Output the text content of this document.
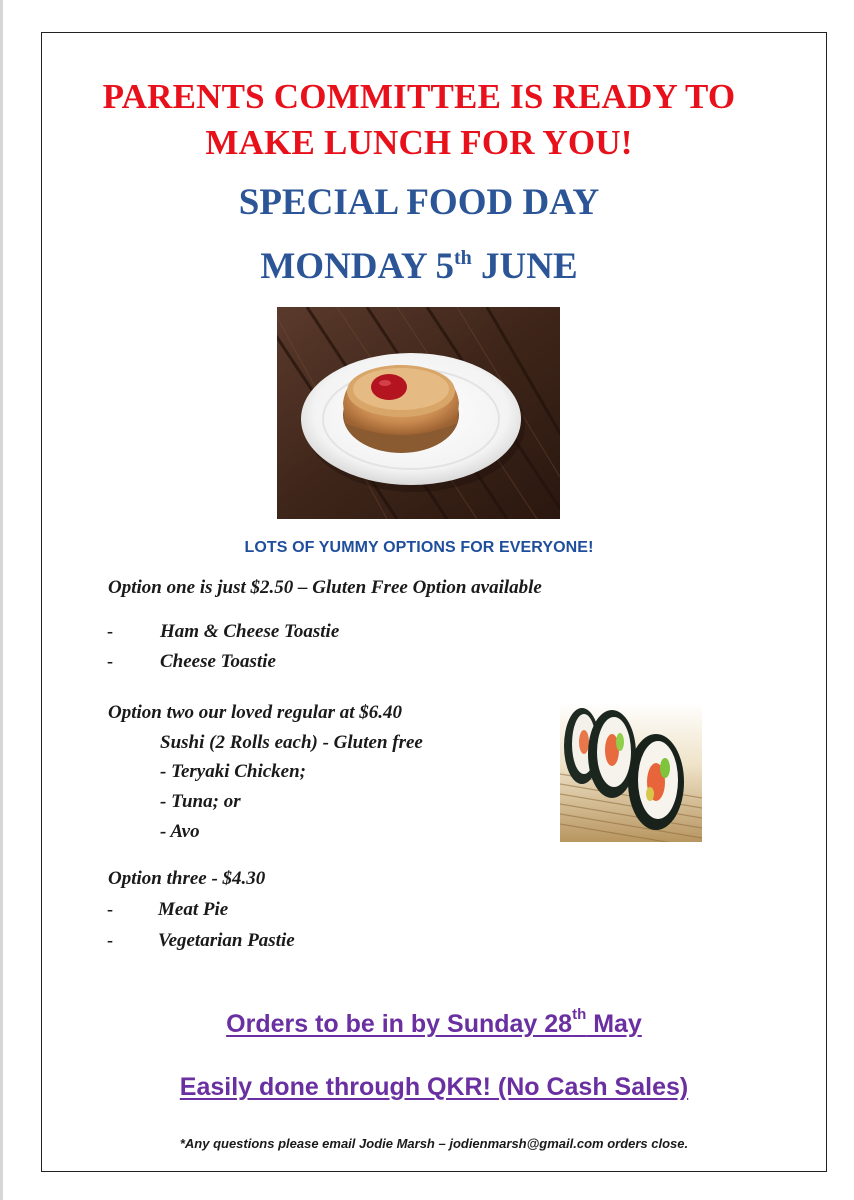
PARENTS COMMITTEE IS READY TO
MAKE LUNCH FOR YOU!
SPECIAL FOOD DAY
MONDAY 5th JUNE
LOTS OF YUMMY OPTIONS FOR EVERYONE!
Option one is just $2.50 – Gluten Free Option available
- Ham & Cheese Toastie
- Cheese Toastie
Option two our loved regular at $6.40
Sushi (2 Rolls each) - Gluten free
- Teryaki Chicken;
- Tuna; or
- Avo
Option three - $4.30
- Meat Pie
- Vegetarian Pastie
Orders to be in by Sunday 28th May
Easily done through QKR! (No Cash Sales)
*Any questions please email Jodie Marsh – jodienmarsh@gmail.com orders close.
